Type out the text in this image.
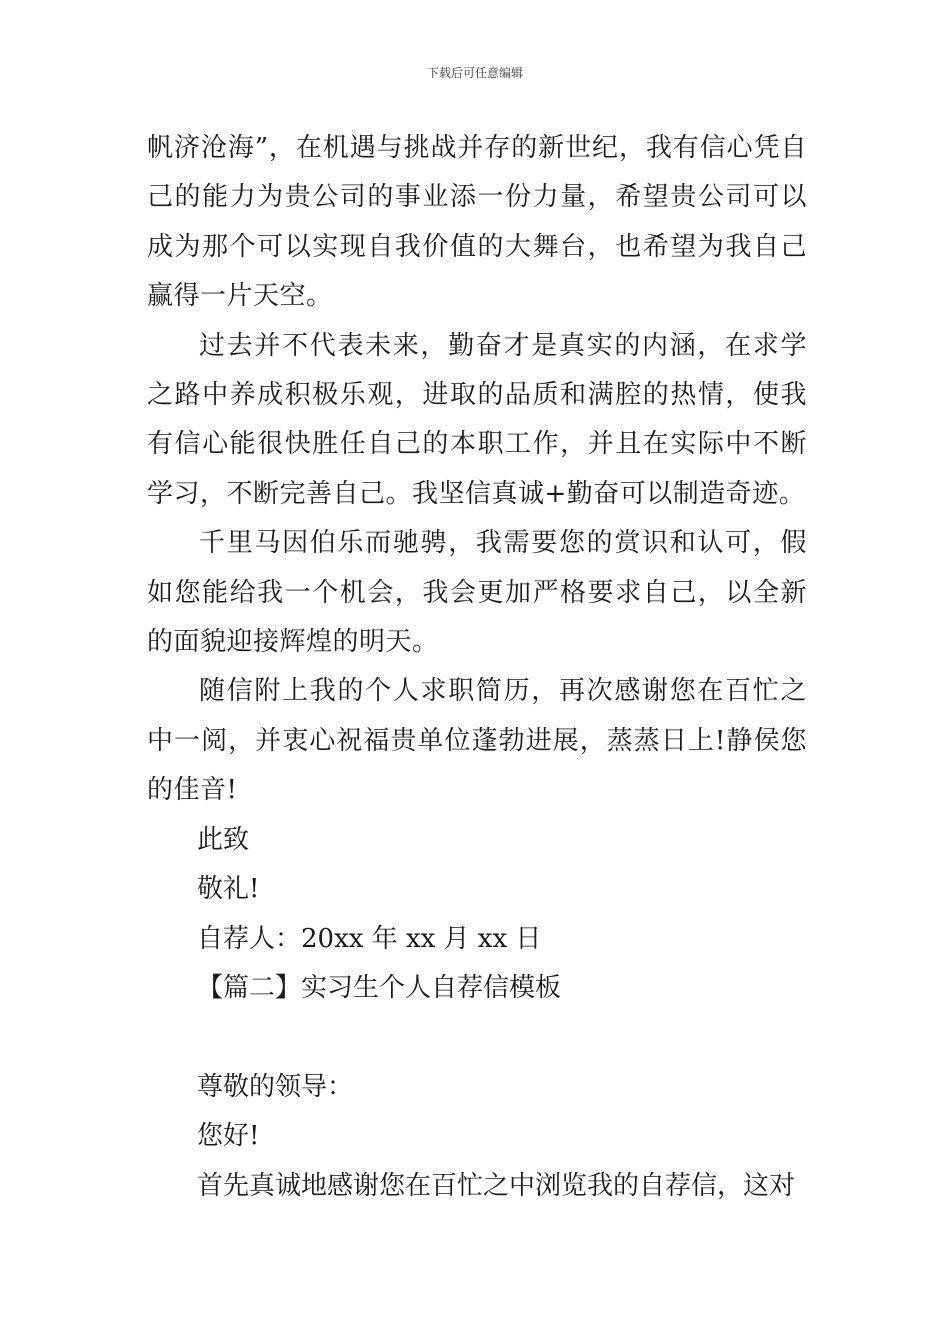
下载后可任意编辑

帆济沧海”，在机遇与挑战并存的新世纪，我有信心凭自己的能力为贵公司的事业添一份力量，希望贵公司可以成为那个可以实现自我价值的大舞台，也希望为我自己赢得一片天空。

过去并不代表未来，勤奋才是真实的内涵，在求学之路中养成积极乐观，进取的品质和满腔的热情，使我有信心能很快胜任自己的本职工作，并且在实际中不断学习，不断完善自己。我坚信真诚+勤奋可以制造奇迹。

千里马因伯乐而驰骋，我需要您的赏识和认可，假如您能给我一个机会，我会更加严格要求自己，以全新的面貌迎接辉煌的明天。

随信附上我的个人求职简历，再次感谢您在百忙之中一阅，并衷心祝福贵单位蓬勃进展，蒸蒸日上!静侯您的佳音!

此致

敬礼!

自荐人：20xx 年 xx 月 xx 日

【篇二】实习生个人自荐信模板

尊敬的领导：

您好!

首先真诚地感谢您在百忙之中浏览我的自荐信，这对
